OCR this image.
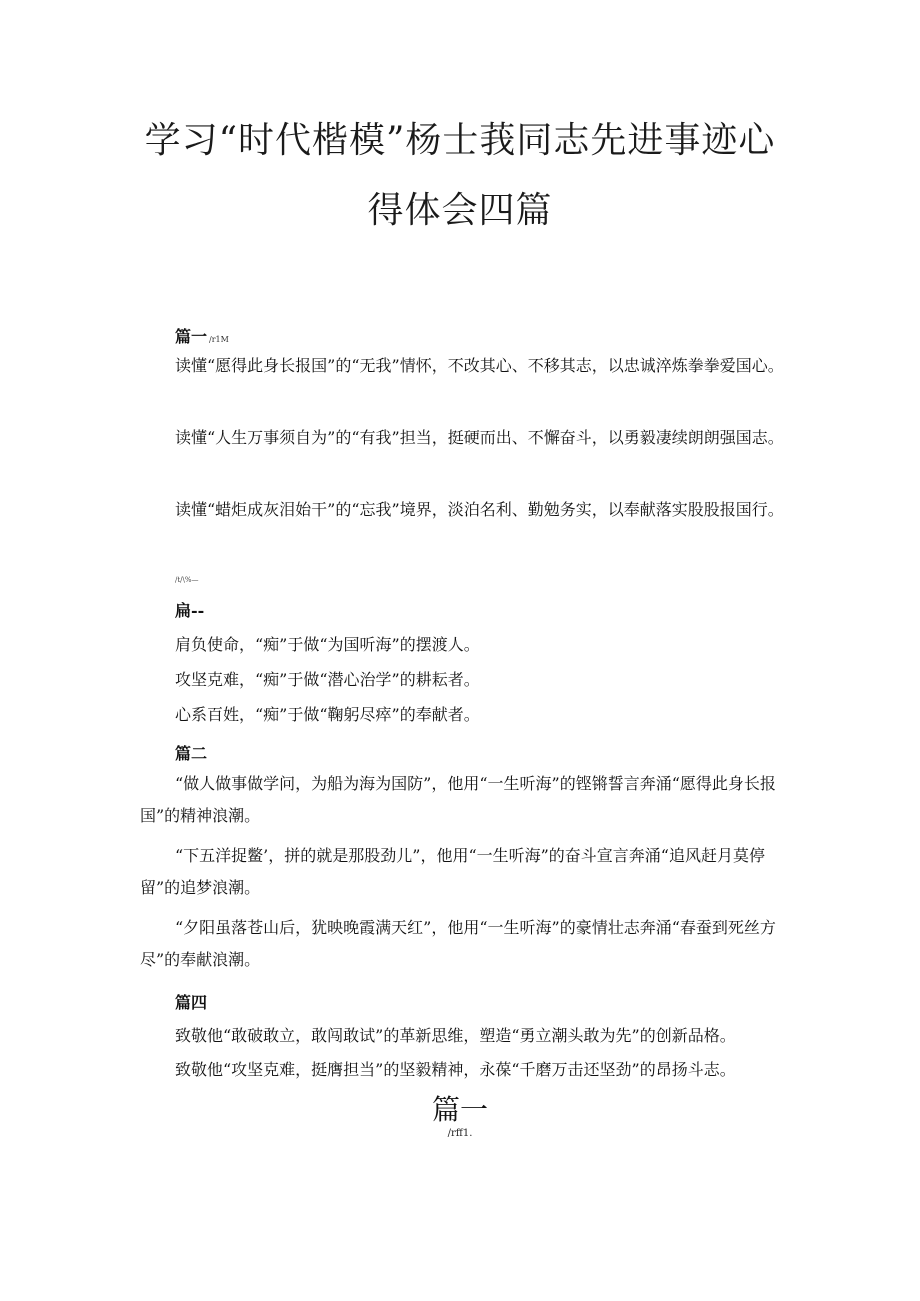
学习“时代楷模”杨士莪同志先进事迹心
得体会四篇
篇一 /r1M
读懂“愿得此身长报国”的“无我”情怀，不改其心、不移其志，以忠诚淬炼拳拳爱国心。
读懂“人生万事须自为”的“有我”担当，挺硬而出、不懈奋斗，以勇毅凄续朗朗强国志。
读懂“蜡炬成灰泪始干”的“忘我”境界，淡泊名利、勤勉务实，以奉献落实股股报国行。
/t/\%—
扁--
肩负使命，“痴”于做“为国听海”的摆渡人。
攻坚克难，“痴”于做“潜心治学”的耕耘者。
心系百姓，“痴”于做“鞠躬尽瘁”的奉献者。
篇二
“做人做事做学问，为船为海为国防”，他用“一生听海”的铿锵誓言奔涌“愿得此身长报国”的精神浪潮。
“下五洋捉鳖’，拼的就是那股劲儿”，他用“一生听海”的奋斗宣言奔涌“追风赶月莫停留”的追梦浪潮。
“夕阳虽落苍山后，犹映晚霞满天红”，他用“一生听海”的豪情壮志奔涌“春蚕到死丝方尽”的奉献浪潮。
篇四
致敬他“敢破敢立，敢闯敢试”的革新思维，塑造“勇立潮头敢为先”的创新品格。
致敬他“攻坚克难，挺膺担当”的坚毅精神，永葆“千磨万击还坚劲”的昂扬斗志。
篇一
/rff1.
